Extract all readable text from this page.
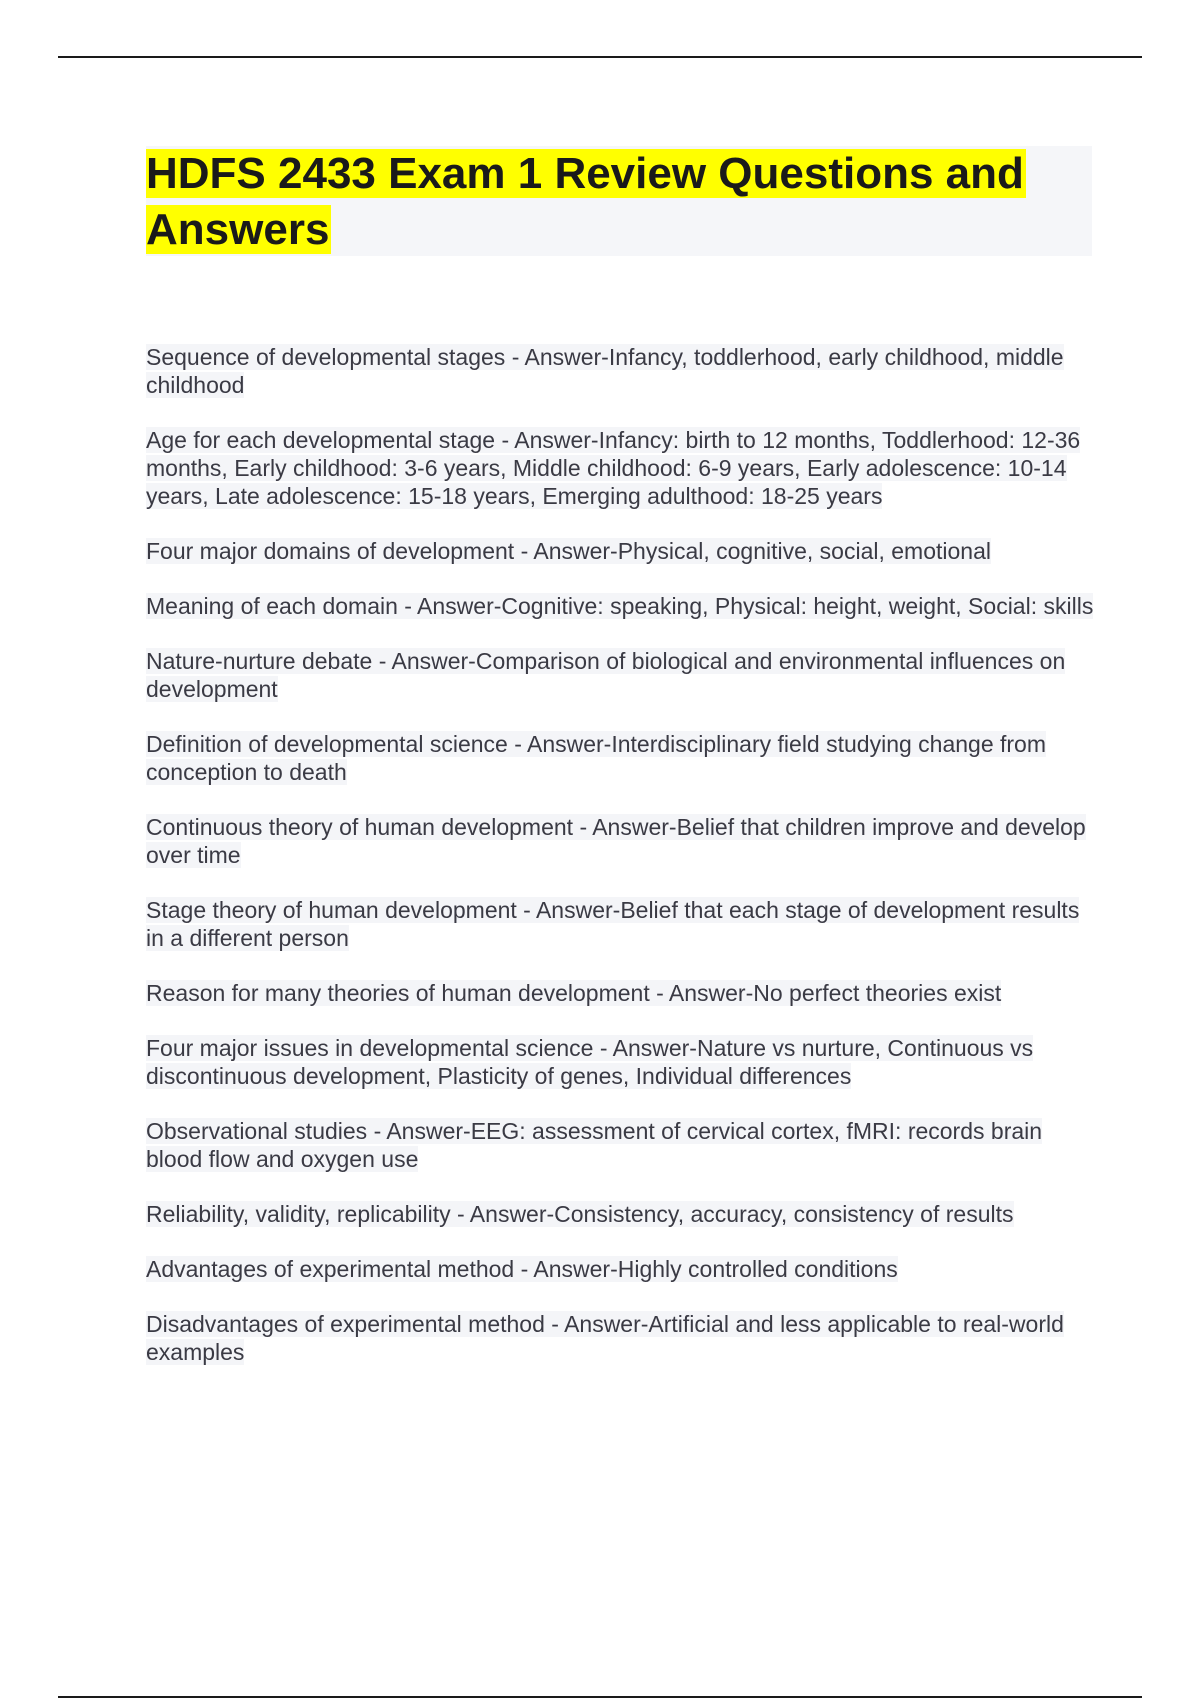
HDFS 2433 Exam 1 Review Questions and Answers
Sequence of developmental stages - Answer-Infancy, toddlerhood, early childhood, middle childhood
Age for each developmental stage - Answer-Infancy: birth to 12 months, Toddlerhood: 12-36 months, Early childhood: 3-6 years, Middle childhood: 6-9 years, Early adolescence: 10-14 years, Late adolescence: 15-18 years, Emerging adulthood: 18-25 years
Four major domains of development - Answer-Physical, cognitive, social, emotional
Meaning of each domain - Answer-Cognitive: speaking, Physical: height, weight, Social: skills
Nature-nurture debate - Answer-Comparison of biological and environmental influences on development
Definition of developmental science - Answer-Interdisciplinary field studying change from conception to death
Continuous theory of human development - Answer-Belief that children improve and develop over time
Stage theory of human development - Answer-Belief that each stage of development results in a different person
Reason for many theories of human development - Answer-No perfect theories exist
Four major issues in developmental science - Answer-Nature vs nurture, Continuous vs discontinuous development, Plasticity of genes, Individual differences
Observational studies - Answer-EEG: assessment of cervical cortex, fMRI: records brain blood flow and oxygen use
Reliability, validity, replicability - Answer-Consistency, accuracy, consistency of results
Advantages of experimental method - Answer-Highly controlled conditions
Disadvantages of experimental method - Answer-Artificial and less applicable to real-world examples
